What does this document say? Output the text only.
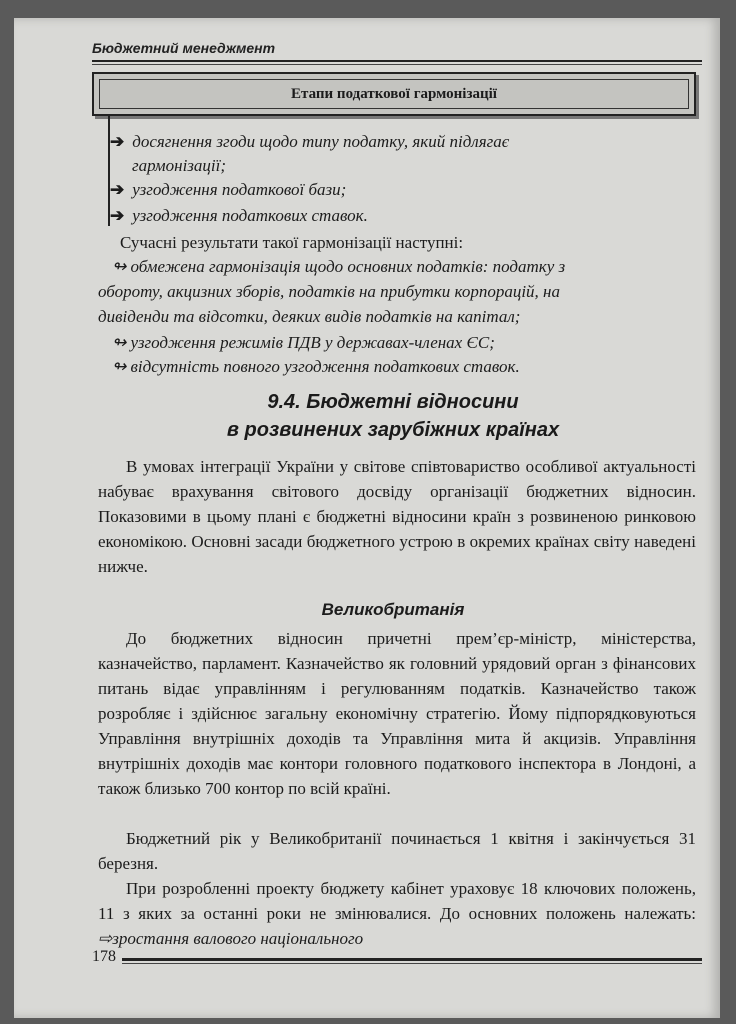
Бюджетний менеджмент
Етапи податкової гармонізації
➔ досягнення згоди щодо типу податку, який підлягає
гармонізації;
➔ узгодження податкової бази;
➔ узгодження податкових ставок.
Сучасні результати такої гармонізації наступні:
↬ обмежена гармонізація щодо основних податків: податку з
обороту, акцизних зборів, податків на прибутки корпорацій, на
дивіденди та відсотки, деяких видів податків на капітал;
↬ узгодження режимів ПДВ у державах-членах ЄС;
↬ відсутність повного узгодження податкових ставок.
9.4. Бюджетні відносини
в розвинених зарубіжних країнах
В умовах інтеграції України у світове співтовариство особливої актуальності набуває врахування світового досвіду організації бюджетних відносин. Показовими в цьому плані є бюджетні відносини країн з розвиненою ринковою економікою. Основні засади бюджетного устрою в окремих країнах світу наведені нижче.
Великобританія
До бюджетних відносин причетні прем’єр-міністр, міністерства, казначейство, парламент. Казначейство як головний урядовий орган з фінансових питань відає управлінням і регулюванням податків. Казначейство також розробляє і здійснює загальну економічну стратегію. Йому підпорядковуються Управління внутрішніх доходів та Управління мита й акцизів. Управління внутрішніх доходів має контори головного податкового інспектора в Лондоні, а також близько 700 контор по всій країні.
Бюджетний рік у Великобританії починається 1 квітня і закінчується 31 березня.
При розробленні проекту бюджету кабінет ураховує 18 ключових положень, 11 з яких за останні роки не змінювалися. До основних положень належать: ⇨зростання валового національного
178
